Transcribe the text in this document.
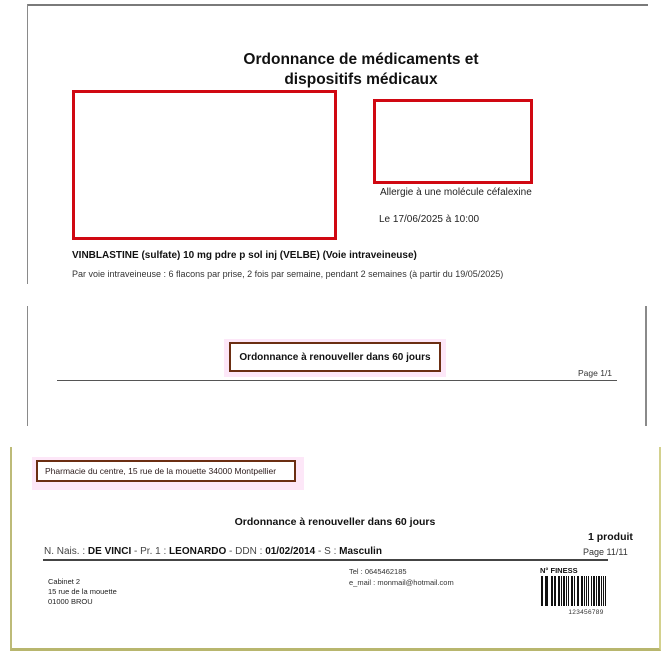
Ordonnance de médicaments et
dispositifs médicaux
Allergie à une molécule céfalexine
Le 17/06/2025 à 10:00
VINBLASTINE (sulfate) 10 mg pdre p sol inj (VELBE) (Voie intraveineuse)
Par voie intraveineuse : 6 flacons par prise, 2 fois par semaine, pendant 2 semaines (à partir du 19/05/2025)
Ordonnance à renouveller dans 60 jours
Page 1/1
Pharmacie du centre, 15 rue de la mouette 34000 Montpellier
Ordonnance à renouveller dans 60 jours
1 produit
N. Nais. : DE VINCI - Pr. 1 : LEONARDO - DDN : 01/02/2014 - S : Masculin	Page 11/11
Cabinet 2
15 rue de la mouette
01000 BROU
Tel : 0645462185
e_mail : monmail@hotmail.com
N° FINESS
123456789
